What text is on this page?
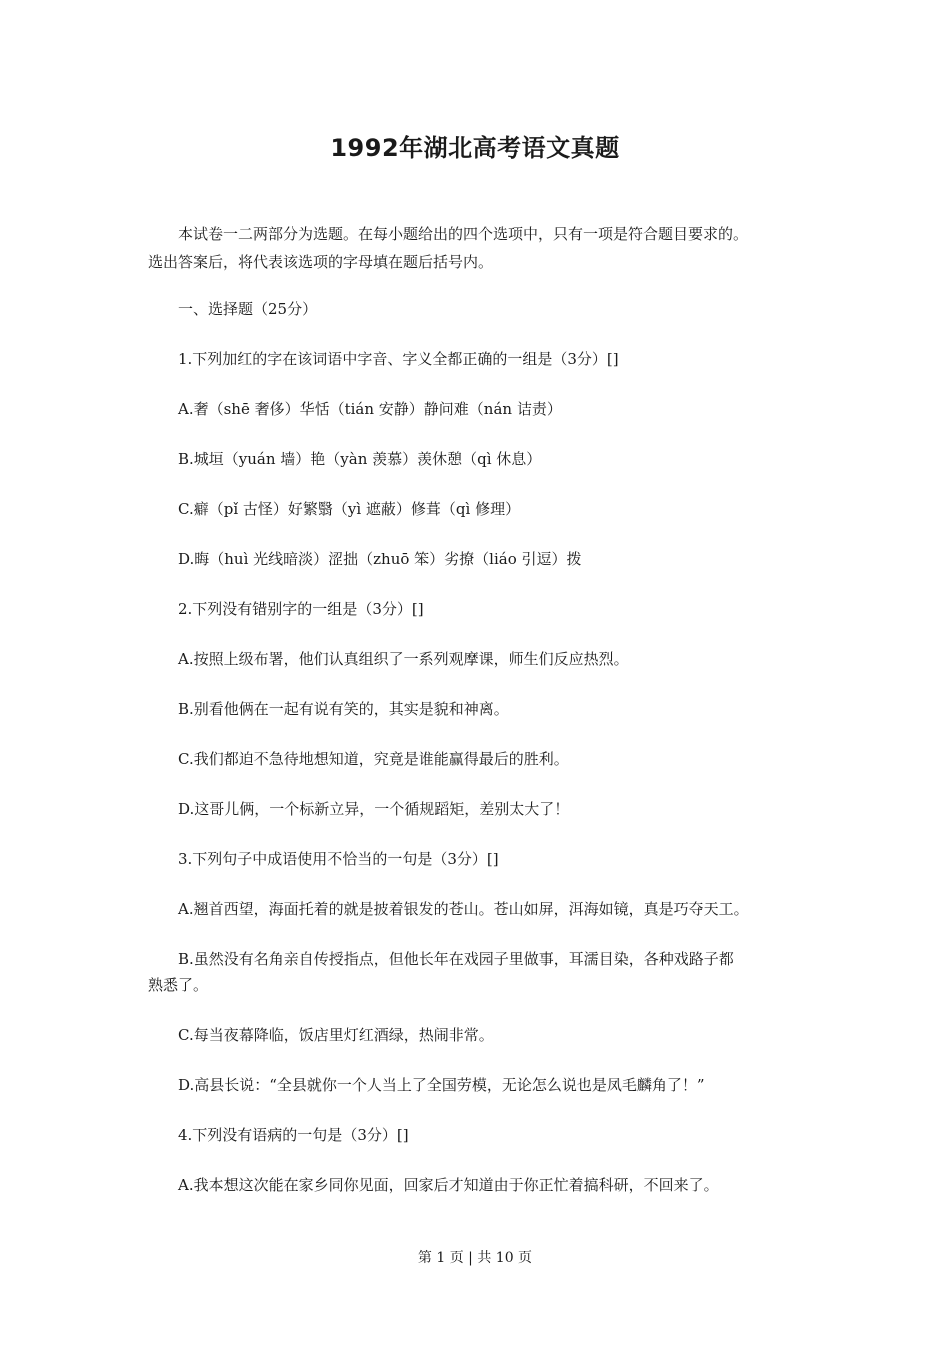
1992年湖北高考语文真题

本试卷一二两部分为选题。在每小题给出的四个选项中，只有一项是符合题目要求的。

选出答案后，将代表该选项的字母填在题后括号内。

一、选择题（25分）

1.下列加红的字在该词语中字音、字义全都正确的一组是（3分）[]

A.奢（shē 奢侈）华恬（tián 安静）静问难（nán 诘责）

B.城垣（yuán 墙）艳（yàn 羡慕）羡休憩（qì 休息）

C.癖（pǐ 古怪）好繁翳（yì 遮蔽）修葺（qì 修理）

D.晦（huì 光线暗淡）涩拙（zhuō 笨）劣撩（liáo 引逗）拨

2.下列没有错别字的一组是（3分）[]

A.按照上级布署，他们认真组织了一系列观摩课，师生们反应热烈。

B.别看他俩在一起有说有笑的，其实是貌和神离。

C.我们都迫不急待地想知道，究竟是谁能赢得最后的胜利。

D.这哥儿俩，一个标新立异，一个循规蹈矩，差别太大了！

3.下列句子中成语使用不恰当的一句是（3分）[]

A.翘首西望，海面托着的就是披着银发的苍山。苍山如屏，洱海如镜，真是巧夺天工。

B.虽然没有名角亲自传授指点，但他长年在戏园子里做事，耳濡目染，各种戏路子都

熟悉了。

C.每当夜幕降临，饭店里灯红酒绿，热闹非常。

D.高县长说：“全县就你一个人当上了全国劳模，无论怎么说也是凤毛麟角了！”

4.下列没有语病的一句是（3分）[]

A.我本想这次能在家乡同你见面，回家后才知道由于你正忙着搞科研，不回来了。

第 1 页 | 共 10 页
